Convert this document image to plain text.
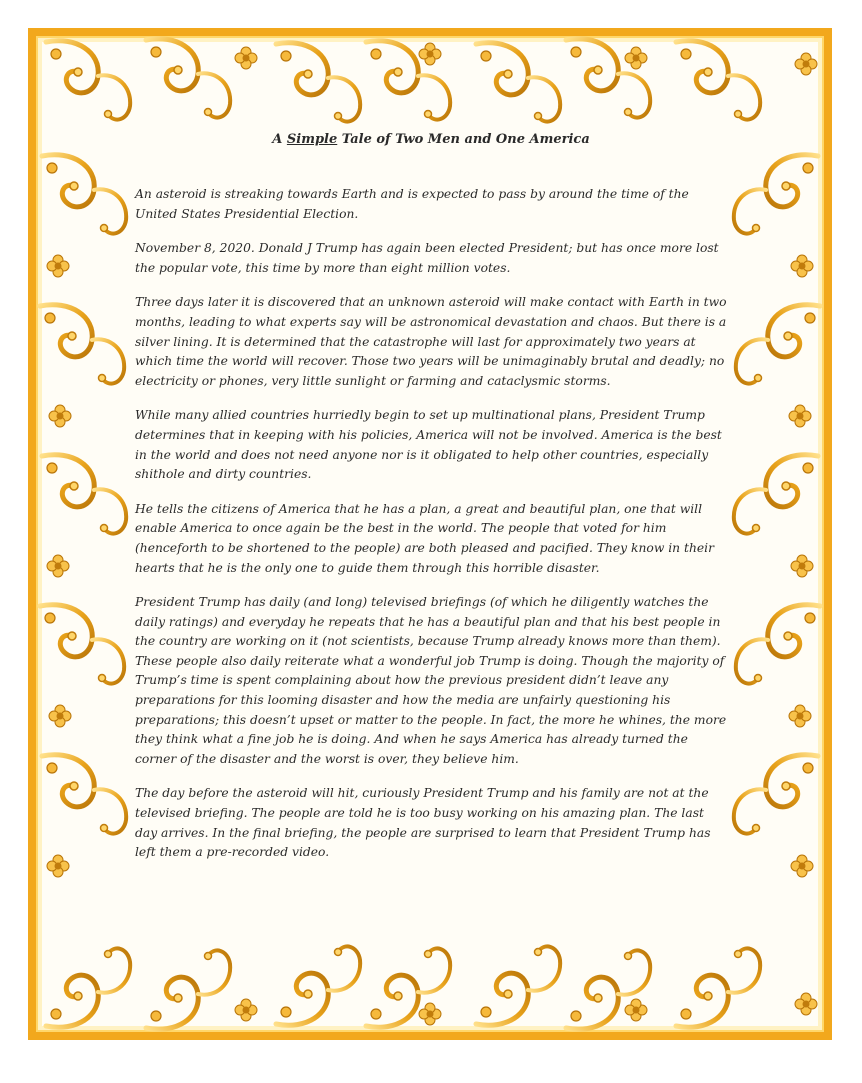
A Simple Tale of Two Men and One America

An asteroid is streaking towards Earth and is expected to pass by around the time of the United States Presidential Election.

November 8, 2020. Donald J Trump has again been elected President; but has once more lost the popular vote, this time by more than eight million votes.

Three days later it is discovered that an unknown asteroid will make contact with Earth in two months, leading to what experts say will be astronomical devastation and chaos. But there is a silver lining. It is determined that the catastrophe will last for approximately two years at which time the world will recover. Those two years will be unimaginably brutal and deadly; no electricity or phones, very little sunlight or farming and cataclysmic storms.

While many allied countries hurriedly begin to set up multinational plans, President Trump determines that in keeping with his policies, America will not be involved. America is the best in the world and does not need anyone nor is it obligated to help other countries, especially shithole and dirty countries.

He tells the citizens of America that he has a plan, a great and beautiful plan, one that will enable America to once again be the best in the world. The people that voted for him (henceforth to be shortened to the people) are both pleased and pacified. They know in their hearts that he is the only one to guide them through this horrible disaster.

President Trump has daily (and long) televised briefings (of which he diligently watches the daily ratings) and everyday he repeats that he has a beautiful plan and that his best people in the country are working on it (not scientists, because Trump already knows more than them). These people also daily reiterate what a wonderful job Trump is doing. Though the majority of Trump’s time is spent complaining about how the previous president didn’t leave any preparations for this looming disaster and how the media are unfairly questioning his preparations; this doesn’t upset or matter to the people. In fact, the more he whines, the more they think what a fine job he is doing. And when he says America has already turned the corner of the disaster and the worst is over, they believe him.

The day before the asteroid will hit, curiously President Trump and his family are not at the televised briefing. The people are told he is too busy working on his amazing plan. The last day arrives. In the final briefing, the people are surprised to learn that President Trump has left them a pre-recorded video.
